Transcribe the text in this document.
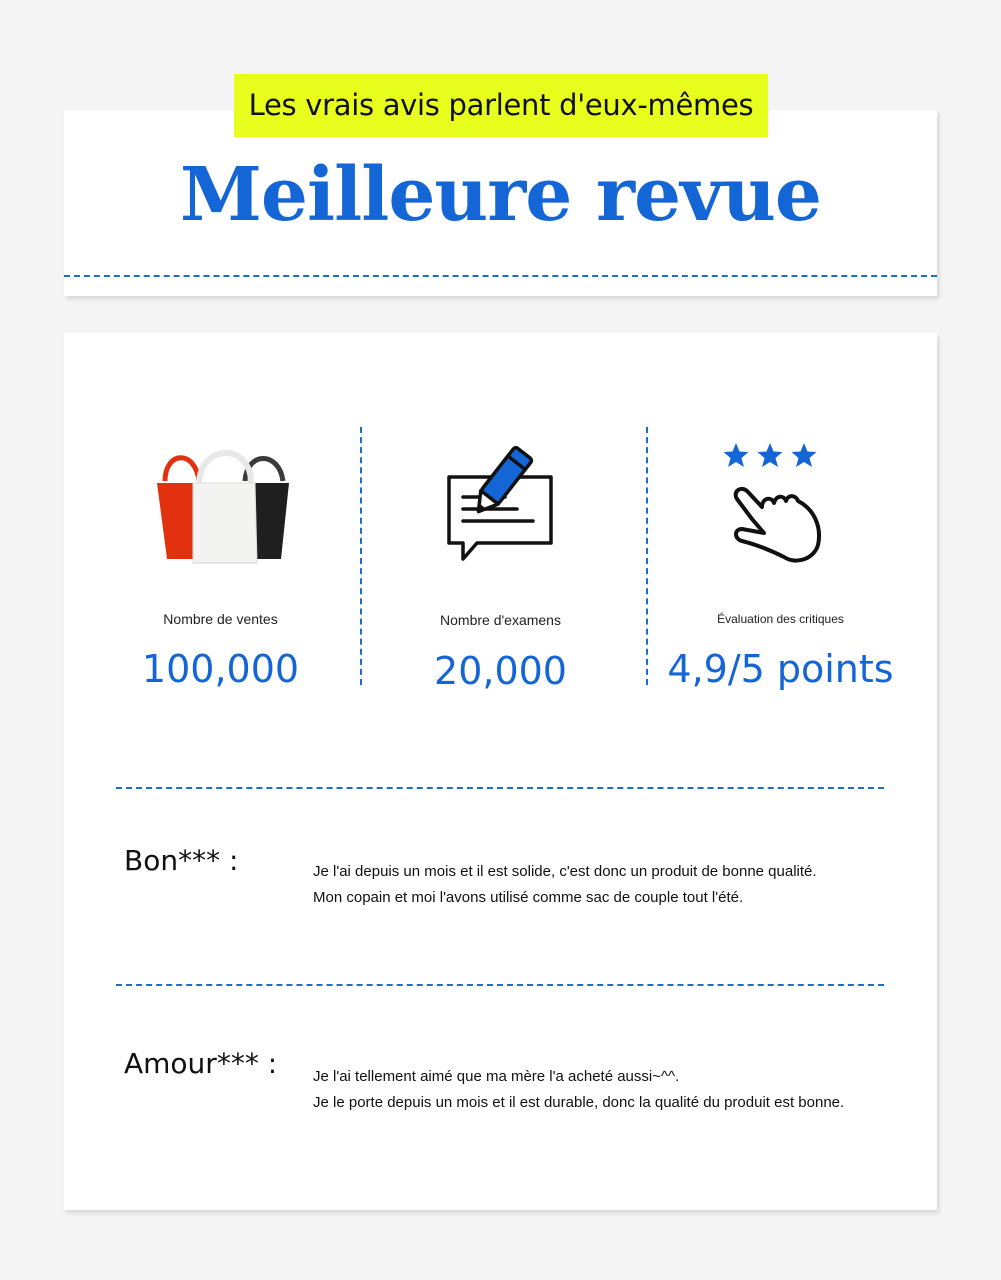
Meilleure revue
Les vrais avis parlent d'eux-mêmes
Nombre de ventes
100,000
Nombre d'examens
20,000
Évaluation des critiques
4,9/5 points
Bon*** :	Je l'ai depuis un mois et il est solide, c'est donc un produit de bonne qualité.
Mon copain et moi l'avons utilisé comme sac de couple tout l'été.
Amour*** : Je l'ai tellement aimé que ma mère l'a acheté aussi~^^.
Je le porte depuis un mois et il est durable, donc la qualité du produit est bonne.
